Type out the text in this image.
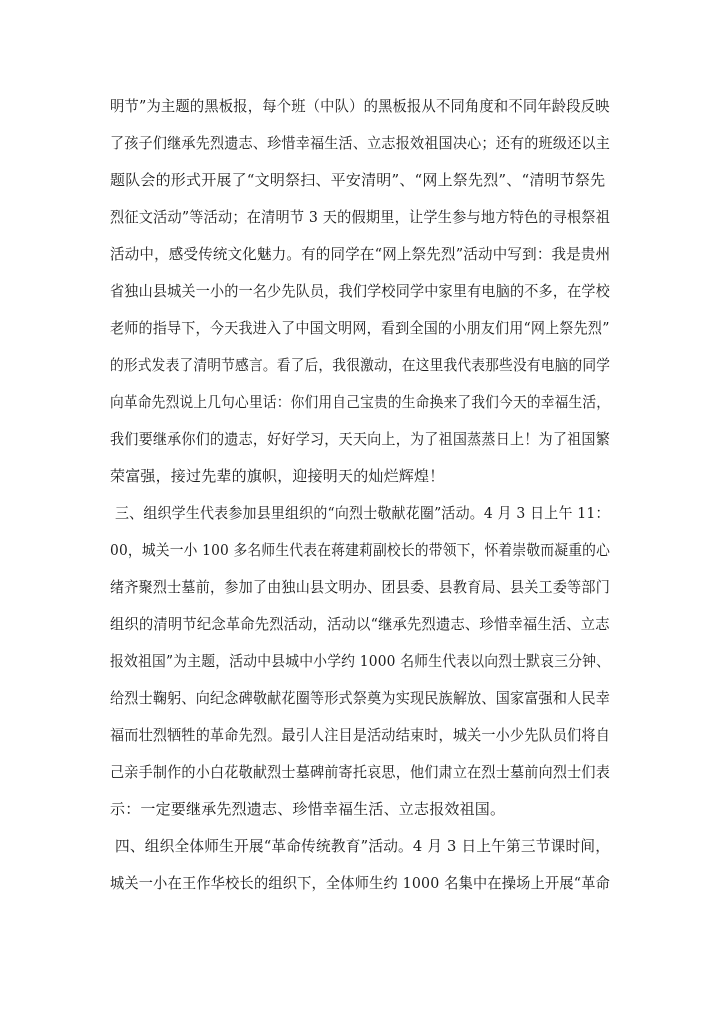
明节”为主题的黑板报，每个班（中队）的黑板报从不同角度和不同年龄段反映
了孩子们继承先烈遗志、珍惜幸福生活、立志报效祖国决心；还有的班级还以主
题队会的形式开展了“文明祭扫、平安清明”、“网上祭先烈”、“清明节祭先
烈征文活动”等活动；在清明节 3 天的假期里，让学生参与地方特色的寻根祭祖
活动中，感受传统文化魅力。有的同学在“网上祭先烈”活动中写到：我是贵州
省独山县城关一小的一名少先队员，我们学校同学中家里有电脑的不多，在学校
老师的指导下，今天我进入了中国文明网，看到全国的小朋友们用“网上祭先烈”
的形式发表了清明节感言。看了后，我很激动，在这里我代表那些没有电脑的同学
向革命先烈说上几句心里话：你们用自己宝贵的生命换来了我们今天的幸福生活，
我们要继承你们的遗志，好好学习，天天向上，为了祖国蒸蒸日上！为了祖国繁
荣富强，接过先辈的旗帜，迎接明天的灿烂辉煌！
三、组织学生代表参加县里组织的“向烈士敬献花圈”活动。4 月 3 日上午 11：
00，城关一小 100 多名师生代表在蒋建莉副校长的带领下，怀着崇敬而凝重的心
绪齐聚烈士墓前，参加了由独山县文明办、团县委、县教育局、县关工委等部门
组织的清明节纪念革命先烈活动，活动以“继承先烈遗志、珍惜幸福生活、立志
报效祖国”为主题，活动中县城中小学约 1000 名师生代表以向烈士默哀三分钟、
给烈士鞠躬、向纪念碑敬献花圈等形式祭奠为实现民族解放、国家富强和人民幸
福而壮烈牺牲的革命先烈。最引人注目是活动结束时，城关一小少先队员们将自
己亲手制作的小白花敬献烈士墓碑前寄托哀思，他们肃立在烈士墓前向烈士们表
示：一定要继承先烈遗志、珍惜幸福生活、立志报效祖国。
四、组织全体师生开展“革命传统教育”活动。4 月 3 日上午第三节课时间，
城关一小在王作华校长的组织下，全体师生约 1000 名集中在操场上开展“革命
